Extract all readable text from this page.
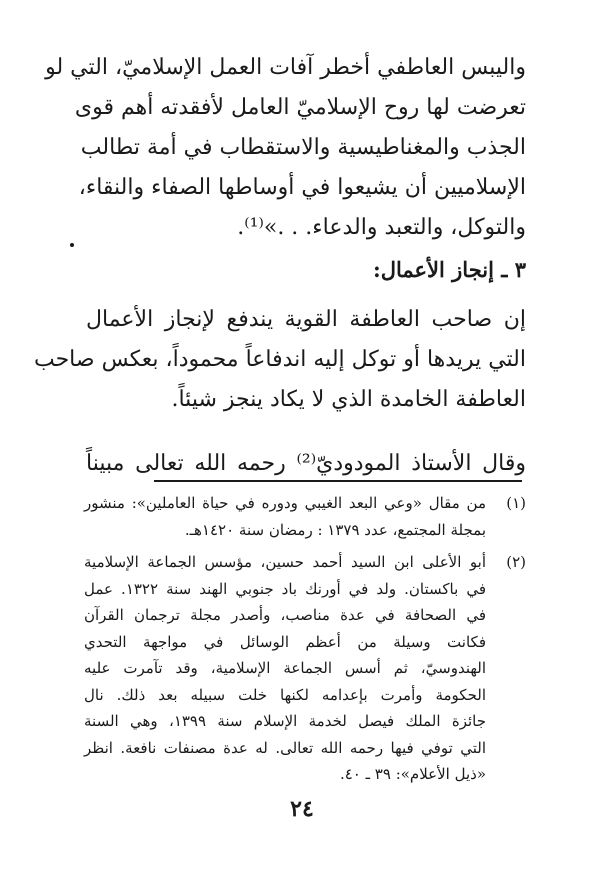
واليبس العاطفي أخطر آفات العمل الإسلاميّ، التي لو
تعرضت لها روح الإسلاميّ العامل لأفقدته أهم قوى
الجذب والمغناطيسية والاستقطاب في أمة تطالب
الإسلاميين أن يشيعوا في أوساطها الصفاء والنقاء،
والتوكل، والتعبد والدعاء. . .»⁽¹⁾.
٣ ـ إنجاز الأعمال:
إن صاحب العاطفة القوية يندفع لإنجاز الأعمال
التي يريدها أو توكل إليه اندفاعاً محموداً، بعكس صاحب
العاطفة الخامدة الذي لا يكاد ينجز شيئاً.
وقال الأستاذ المودوديّ⁽²⁾ رحمه الله تعالى مبيناً
(١)
من مقال «وعي البعد الغيبي ودوره في حياة العاملين»: منشور
بمجلة المجتمع، عدد ١٣٧٩ : رمضان سنة ١٤٢٠هـ.
(٢)
أبو الأعلى ابن السيد أحمد حسين، مؤسس الجماعة الإسلامية
في باكستان. ولد في أورنك باد جنوبي الهند سنة ١٣٢٢. عمل
في الصحافة في عدة مناصب، وأصدر مجلة ترجمان القرآن
فكانت وسيلة من أعظم الوسائل في مواجهة التحدي
الهندوسيّ، ثم أسس الجماعة الإسلامية، وقد تآمرت عليه
الحكومة وأمرت بإعدامه لكنها خلت سبيله بعد ذلك. نال
جائزة الملك فيصل لخدمة الإسلام سنة ١٣٩٩، وهي السنة
التي توفي فيها رحمه الله تعالى. له عدة مصنفات نافعة. انظر
«ذيل الأعلام»: ٣٩ ـ ٤٠.
٢٤
